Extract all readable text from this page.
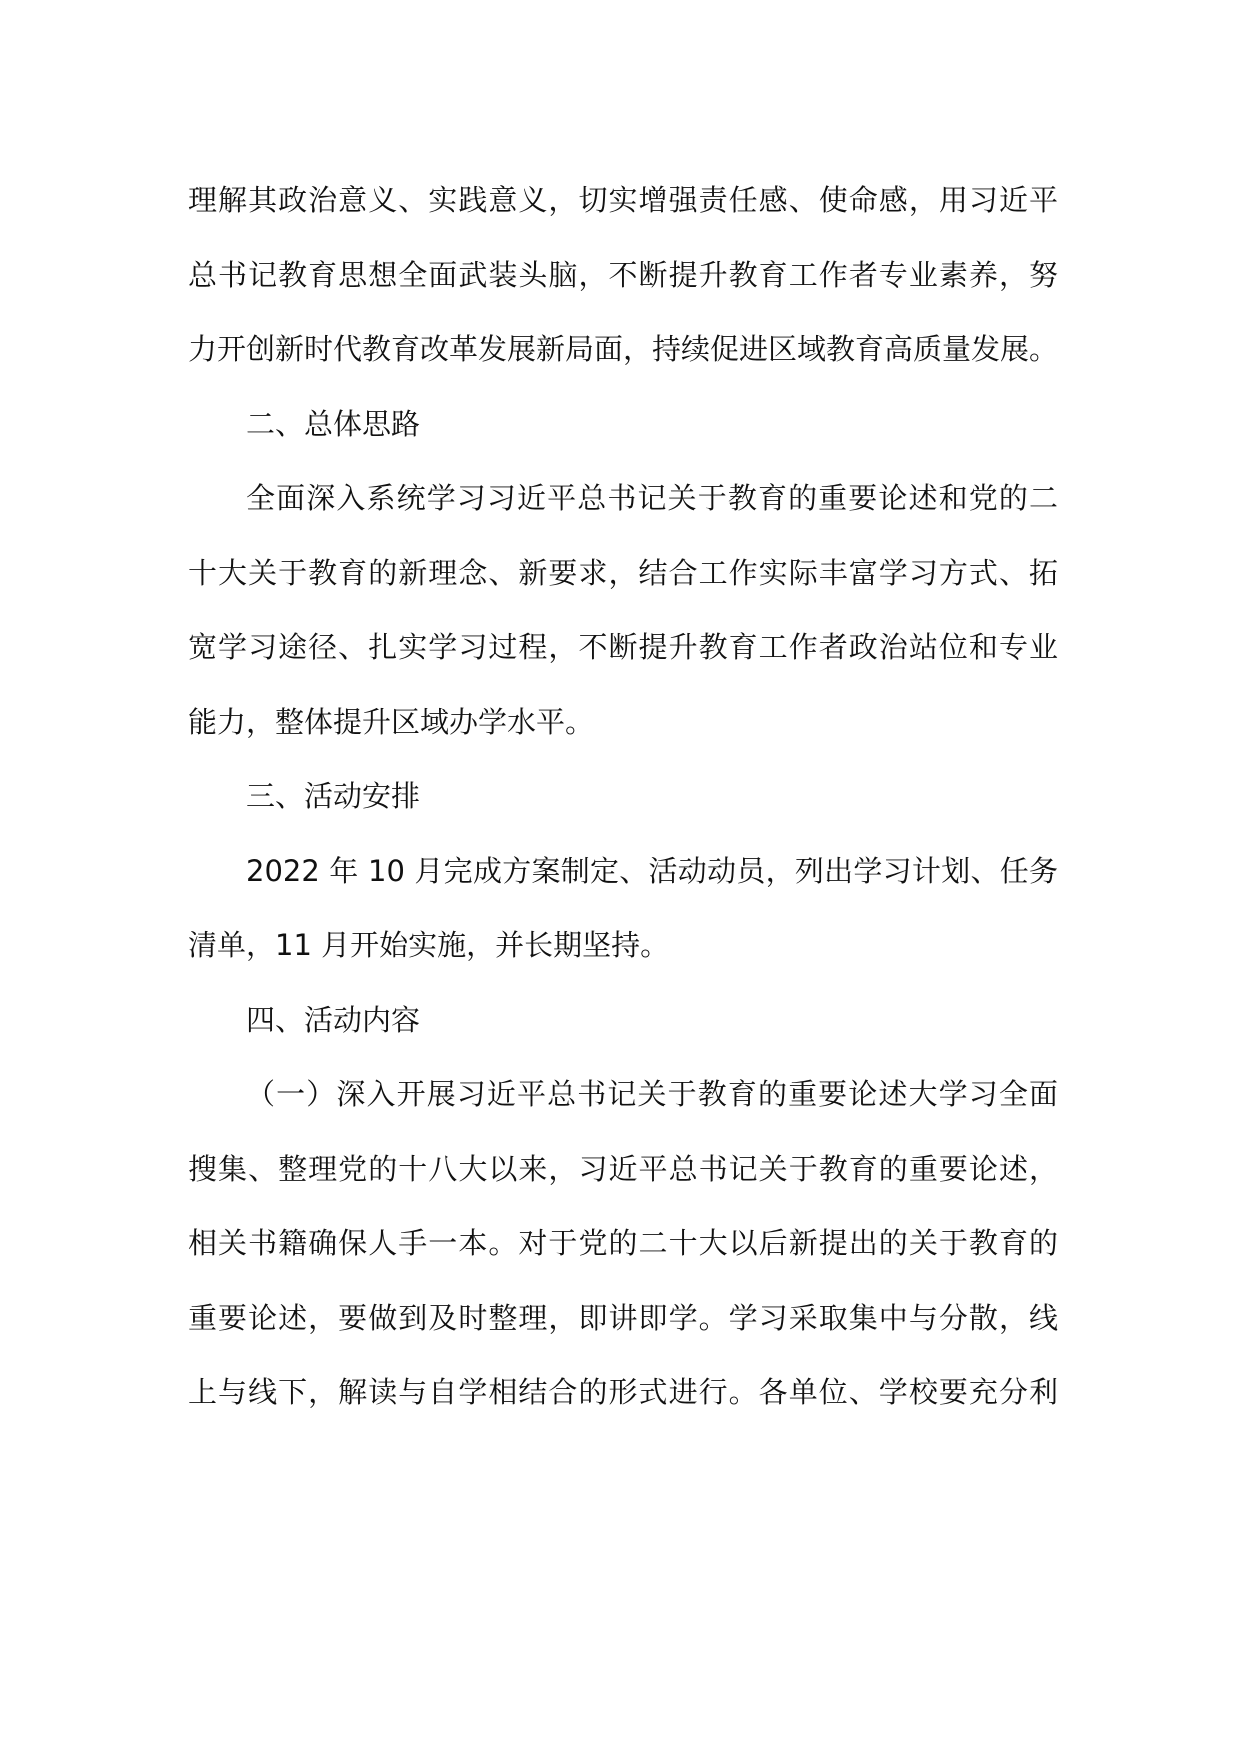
理解其政治意义、实践意义，切实增强责任感、使命感，用习近平
总书记教育思想全面武装头脑，不断提升教育工作者专业素养，努
力开创新时代教育改革发展新局面，持续促进区域教育高质量发展。
二、总体思路
全面深入系统学习习近平总书记关于教育的重要论述和党的二
十大关于教育的新理念、新要求，结合工作实际丰富学习方式、拓
宽学习途径、扎实学习过程，不断提升教育工作者政治站位和专业
能力，整体提升区域办学水平。
三、活动安排
2022 年 10 月完成方案制定、活动动员，列出学习计划、任务
清单，11 月开始实施，并长期坚持。
四、活动内容
（一）深入开展习近平总书记关于教育的重要论述大学习全面
搜集、整理党的十八大以来，习近平总书记关于教育的重要论述，
相关书籍确保人手一本。对于党的二十大以后新提出的关于教育的
重要论述，要做到及时整理，即讲即学。学习采取集中与分散，线
上与线下，解读与自学相结合的形式进行。各单位、学校要充分利
